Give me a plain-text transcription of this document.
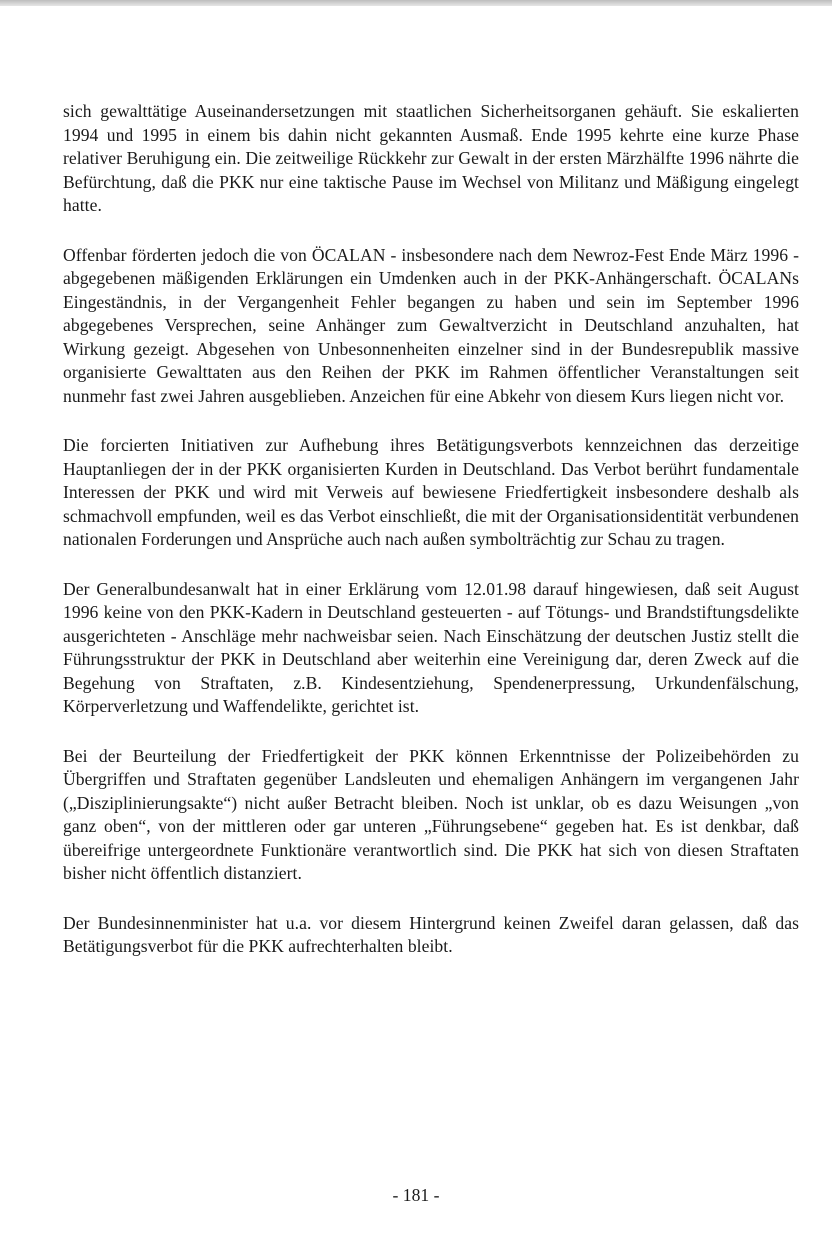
sich gewalttätige Auseinandersetzungen mit staatlichen Sicherheitsorganen gehäuft. Sie eskalierten 1994 und 1995 in einem bis dahin nicht gekannten Ausmaß. Ende 1995 kehrte eine kurze Phase relativer Beruhigung ein. Die zeitweilige Rückkehr zur Gewalt in der ersten Märzhälfte 1996 nährte die Befürchtung, daß die PKK nur eine taktische Pause im Wechsel von Militanz und Mäßigung eingelegt hatte.

Offenbar förderten jedoch die von ÖCALAN - insbesondere nach dem Newroz-Fest Ende März 1996 - abgegebenen mäßigenden Erklärungen ein Umdenken auch in der PKK-Anhängerschaft. ÖCALANs Eingeständnis, in der Vergangenheit Fehler begangen zu haben und sein im September 1996 abgegebenes Versprechen, seine Anhänger zum Gewaltverzicht in Deutschland anzuhalten, hat Wirkung gezeigt. Abgesehen von Unbesonnenheiten einzelner sind in der Bundesrepublik massive organisierte Gewalttaten aus den Reihen der PKK im Rahmen öffentlicher Veranstaltungen seit nunmehr fast zwei Jahren ausgeblieben. Anzeichen für eine Abkehr von diesem Kurs liegen nicht vor.

Die forcierten Initiativen zur Aufhebung ihres Betätigungsverbots kennzeichnen das derzeitige Hauptanliegen der in der PKK organisierten Kurden in Deutschland. Das Verbot berührt fundamentale Interessen der PKK und wird mit Verweis auf bewiesene Friedfertigkeit insbesondere deshalb als schmachvoll empfunden, weil es das Verbot einschließt, die mit der Organisationsidentität verbundenen nationalen Forderungen und Ansprüche auch nach außen symbolträchtig zur Schau zu tragen.

Der Generalbundesanwalt hat in einer Erklärung vom 12.01.98 darauf hingewiesen, daß seit August 1996 keine von den PKK-Kadern in Deutschland gesteuerten - auf Tötungs- und Brandstiftungsdelikte ausgerichteten - Anschläge mehr nachweisbar seien. Nach Einschätzung der deutschen Justiz stellt die Führungsstruktur der PKK in Deutschland aber weiterhin eine Vereinigung dar, deren Zweck auf die Begehung von Straftaten, z.B. Kindesentziehung, Spendenerpressung, Urkundenfälschung, Körperverletzung und Waffendelikte, gerichtet ist.

Bei der Beurteilung der Friedfertigkeit der PKK können Erkenntnisse der Polizeibehörden zu Übergriffen und Straftaten gegenüber Landsleuten und ehemaligen Anhängern im vergangenen Jahr („Disziplinierungsakte“) nicht außer Betracht bleiben. Noch ist unklar, ob es dazu Weisungen „von ganz oben“, von der mittleren oder gar unteren „Führungsebene“ gegeben hat. Es ist denkbar, daß übereifrige untergeordnete Funktionäre verantwortlich sind. Die PKK hat sich von diesen Straftaten bisher nicht öffentlich distanziert.

Der Bundesinnenminister hat u.a. vor diesem Hintergrund keinen Zweifel daran gelassen, daß das Betätigungsverbot für die PKK aufrechterhalten bleibt.

- 181 -
